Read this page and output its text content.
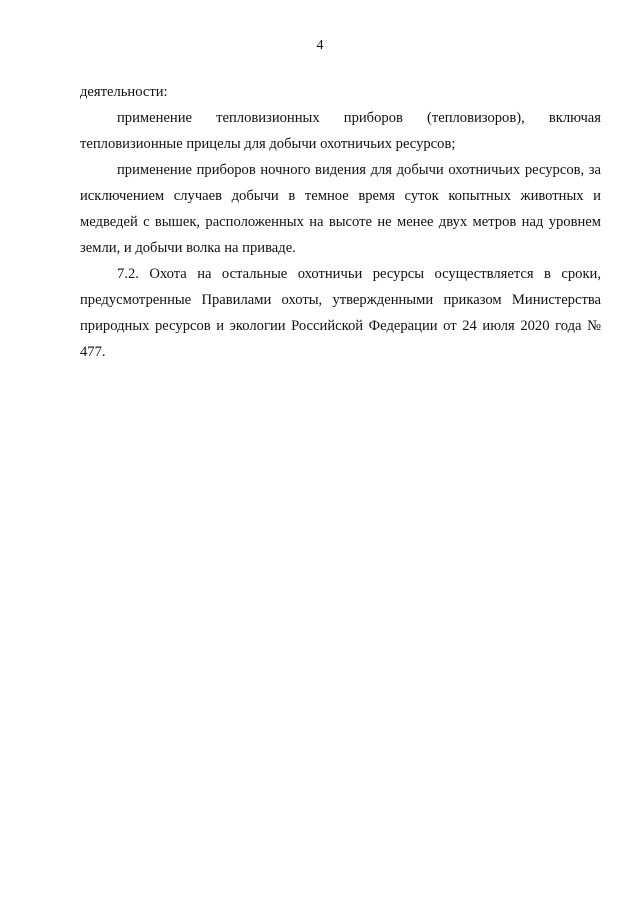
4

деятельности:

применение тепловизионных приборов (тепловизоров), включая тепловизионные прицелы для добычи охотничьих ресурсов;

применение приборов ночного видения для добычи охотничьих ресурсов, за исключением случаев добычи в темное время суток копытных животных и медведей с вышек, расположенных на высоте не менее двух метров над уровнем земли, и добычи волка на приваде.

7.2. Охота на остальные охотничьи ресурсы осуществляется в сроки, предусмотренные Правилами охоты, утвержденными приказом Министерства природных ресурсов и экологии Российской Федерации от 24 июля 2020 года № 477.
